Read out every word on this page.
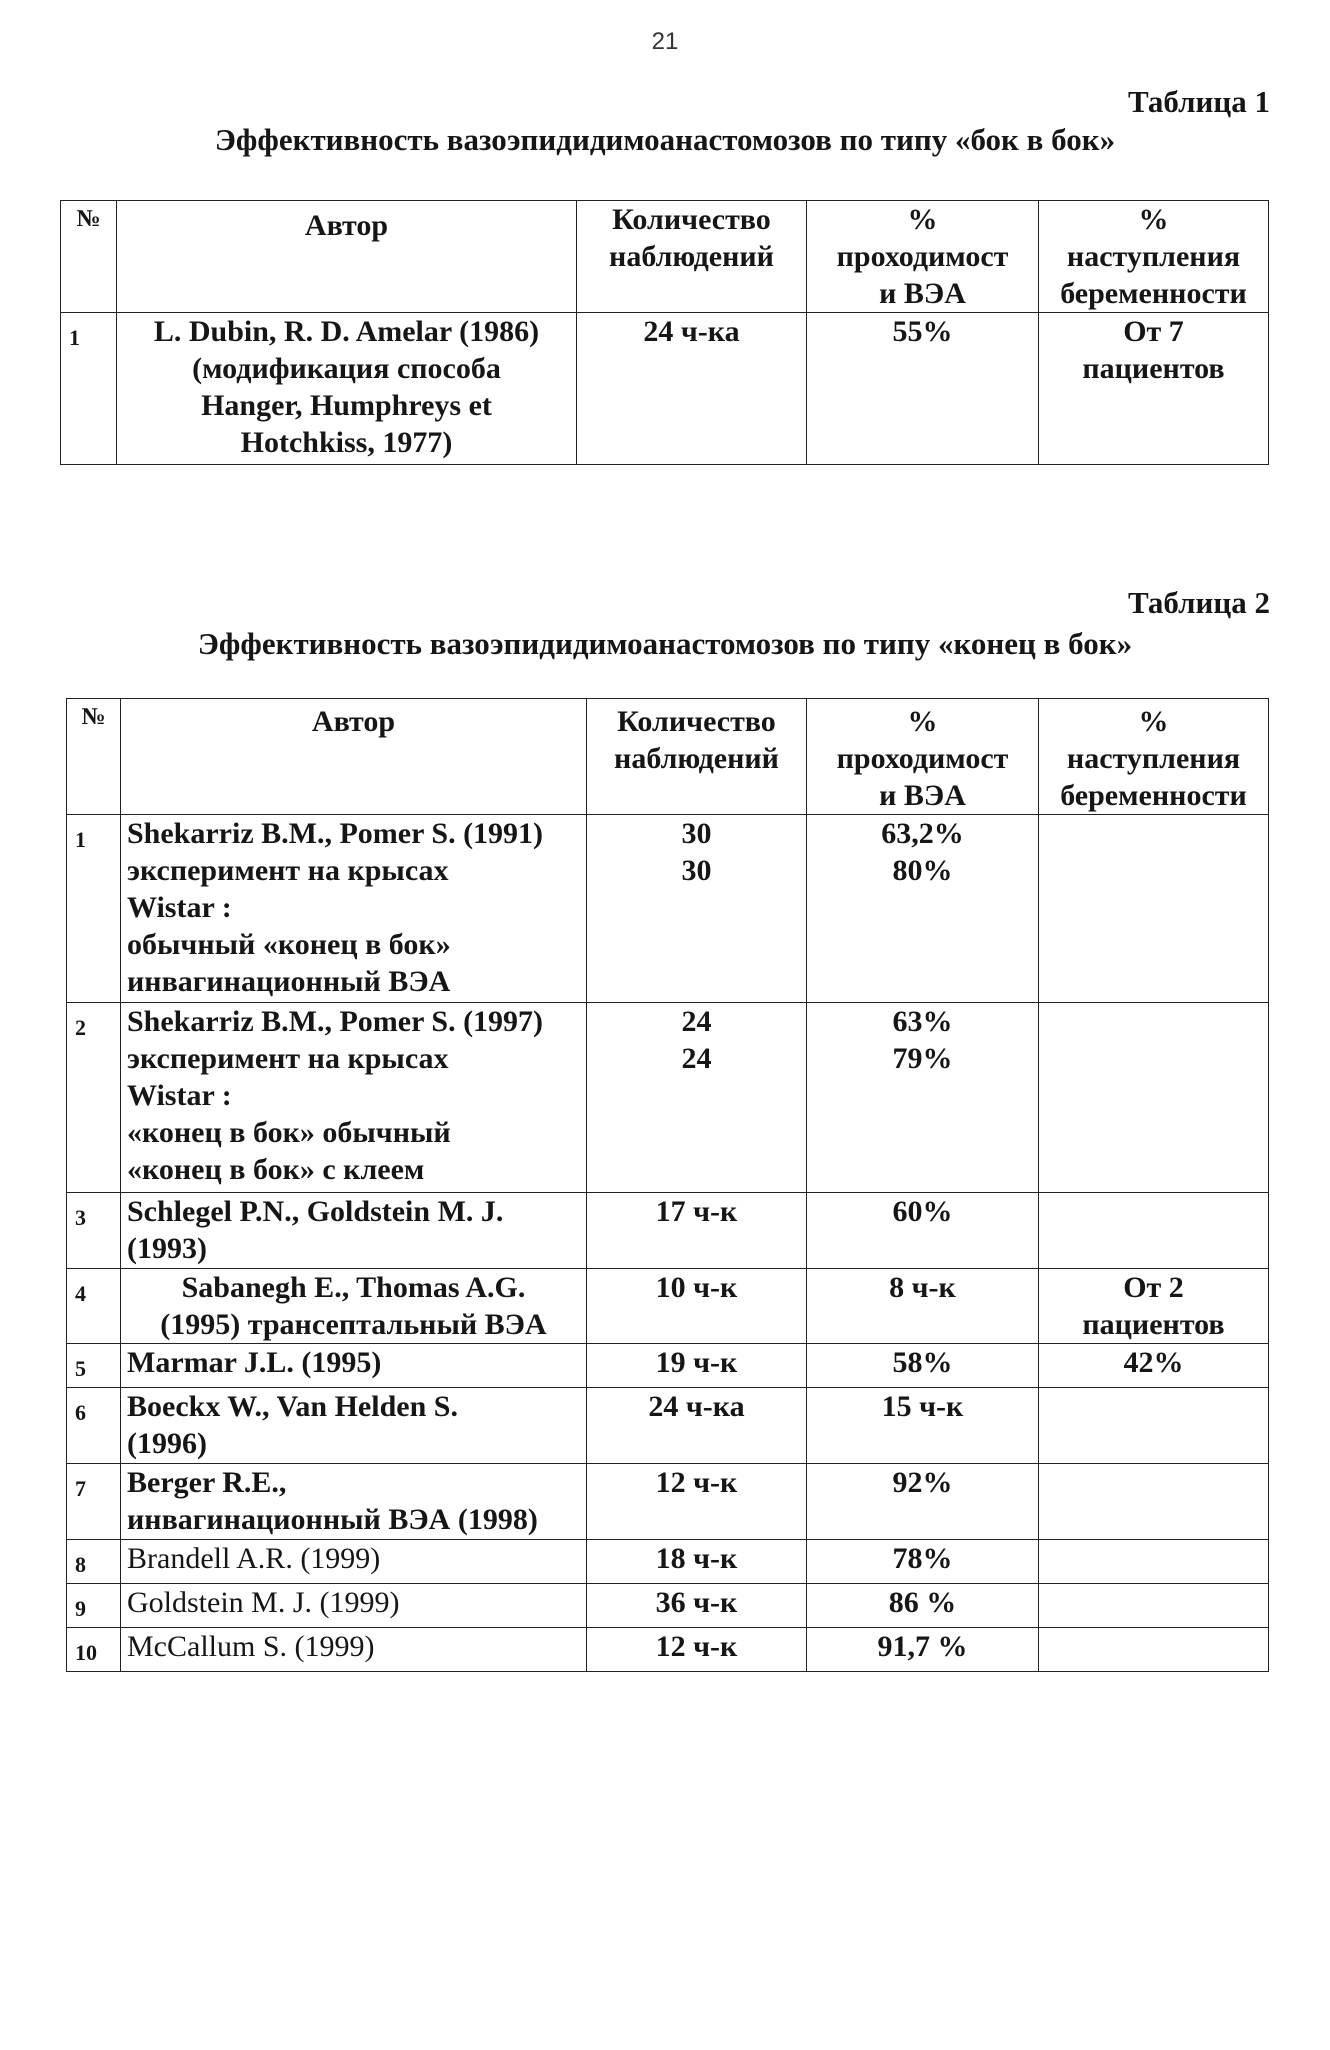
21
Таблица 1
Эффективность вазоэпидидимоанастомозов по типу «бок в бок»
№	Автор	Количество
наблюдений	%
проходимост
и ВЭА	%
наступления
беременности
1	L. Dubin, R. D. Amelar (1986)
(модификация способа
Hanger, Humphreys et
Hotchkiss, 1977)	24 ч-ка	55%	От 7
пациентов
Таблица 2
Эффективность вазоэпидидимоанастомозов по типу «конец в бок»
№	Автор	Количество
наблюдений	%
проходимост
и ВЭА	%
наступления
беременности
1	Shekarriz B.M., Pomer S. (1991)
эксперимент на крысах
Wistar :
обычный «конец в бок»
инвагинационный ВЭА	30
30	63,2%
80%	
2	Shekarriz B.M., Pomer S. (1997)
эксперимент на крысах
Wistar :
«конец в бок» обычный
«конец в бок» с клеем	24
24	63%
79%	
3	Schlegel P.N., Goldstein M. J.
(1993)	17 ч-к	60%	
4	Sabanegh E., Thomas A.G.
(1995) трансептальный ВЭА	10 ч-к	8 ч-к	От 2
пациентов
5	Marmar J.L. (1995)	19 ч-к	58%	42%
6	Boeckx W., Van Helden S.
(1996)	24 ч-ка	15 ч-к	
7	Berger R.E.,
инвагинационный ВЭА (1998)	12 ч-к	92%	
8	Brandell A.R. (1999)	18 ч-к	78%	
9	Goldstein M. J. (1999)	36 ч-к	86 %	
10	McCallum S. (1999)	12 ч-к	91,7 %	
